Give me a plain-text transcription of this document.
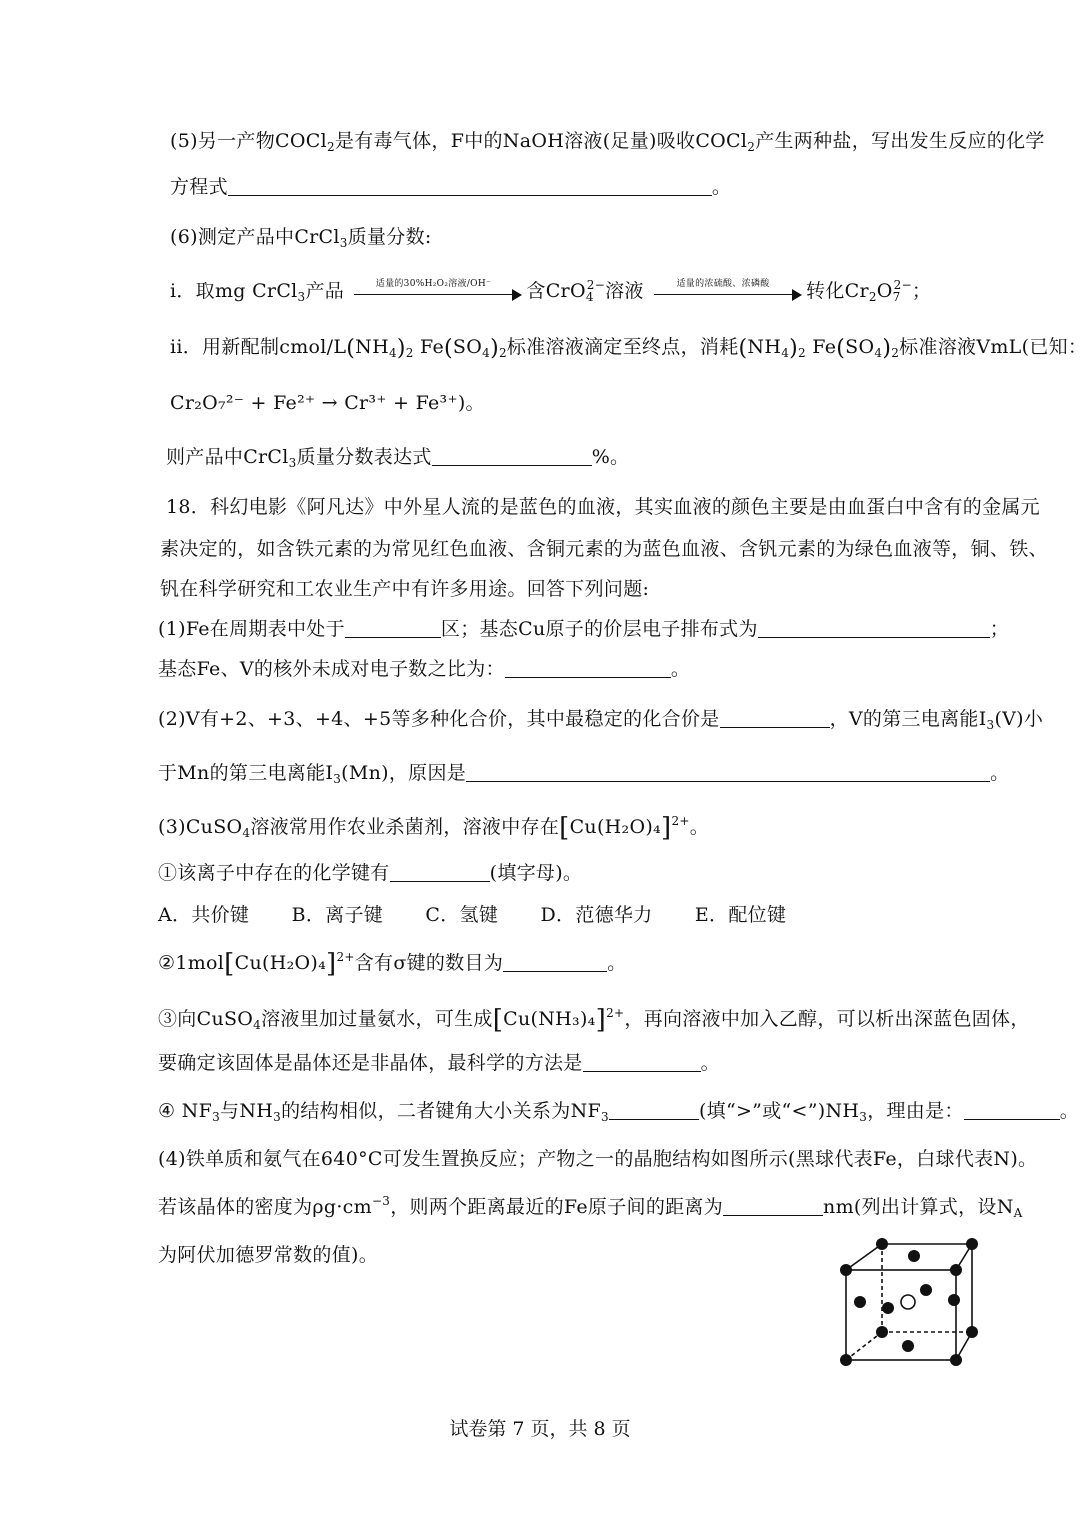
(5)另一产物COCl$_2$是有毒气体，F中的NaOH溶液(足量)吸收COCl$_2$产生两种盐，写出发生反应的化学
方程式	。
(6)测定产品中CrCl$_3$质量分数:
i．取mg CrCl$_3$产品	适量的30%H₂O₂溶液/OH⁻	含CrO$_4^{2-}$溶液	适量的浓硫酸、浓磷酸	转化$Cr_2O_7^{2-}$；
ii．用新配制cmol/$L(NH_4)_2$ $Fe(SO_4)_2$标准溶液滴定至终点，消耗$(NH_4)_2$ $Fe(SO_4)_2$标准溶液VmL(已知：
Cr₂O₇²⁻ + Fe²⁺ → Cr³⁺ + Fe³⁺)。
则产品中CrCl$_3$质量分数表达式	%。
18．科幻电影《阿凡达》中外星人流的是蓝色的血液，其实血液的颜色主要是由血蛋白中含有的金属元
素决定的，如含铁元素的为常见红色血液、含铜元素的为蓝色血液、含钒元素的为绿色血液等，铜、铁、
钒在科学研究和工农业生产中有许多用途。回答下列问题:
(1)Fe在周期表中处于	区；基态Cu原子的价层电子排布式为	；
基态Fe、V的核外未成对电子数之比为：	。
(2)V有+2、+3、+4、+5等多种化合价，其中最稳定的化合价是	，V的第三电离能$I_3(V)$小
于Mn的第三电离能$I_3(Mn)$，原因是	。
(3)CuSO$_4$溶液常用作农业杀菌剂，溶液中存在$[Cu(H_2O)_4]^{2+}$。
①该离子中存在的化学键有	(填字母)。
A．共价键 B．离子键 C．氢键 D．范德华力 E．配位键
$②1mol[Cu(H_2O)_4]^{2+}$含有σ键的数目为	。
③向CuSO$_4$溶液里加过量氨水，可生成$[Cu(NH_3)_4]^{2+}$，再向溶液中加入乙醇，可以析出深蓝色固体，
要确定该固体是晶体还是非晶体，最科学的方法是	。
④ $NF_3$与$NH_3$的结构相似，二者键角大小关系为$NF_3$	(填“>”或“$<”)NH_3$，理由是：	。
(4)铁单质和氨气在640°C可发生置换反应；产物之一的晶胞结构如图所示(黑球代表Fe，白球代表N)。
若该晶体的密度为$\rho g\cdot cm^{-3}$，则两个距离最近的Fe原子间的距离为	nm(列出计算式，设$N_A$
为阿伏加德罗常数的值)。
试卷第 7 页，共 8 页
